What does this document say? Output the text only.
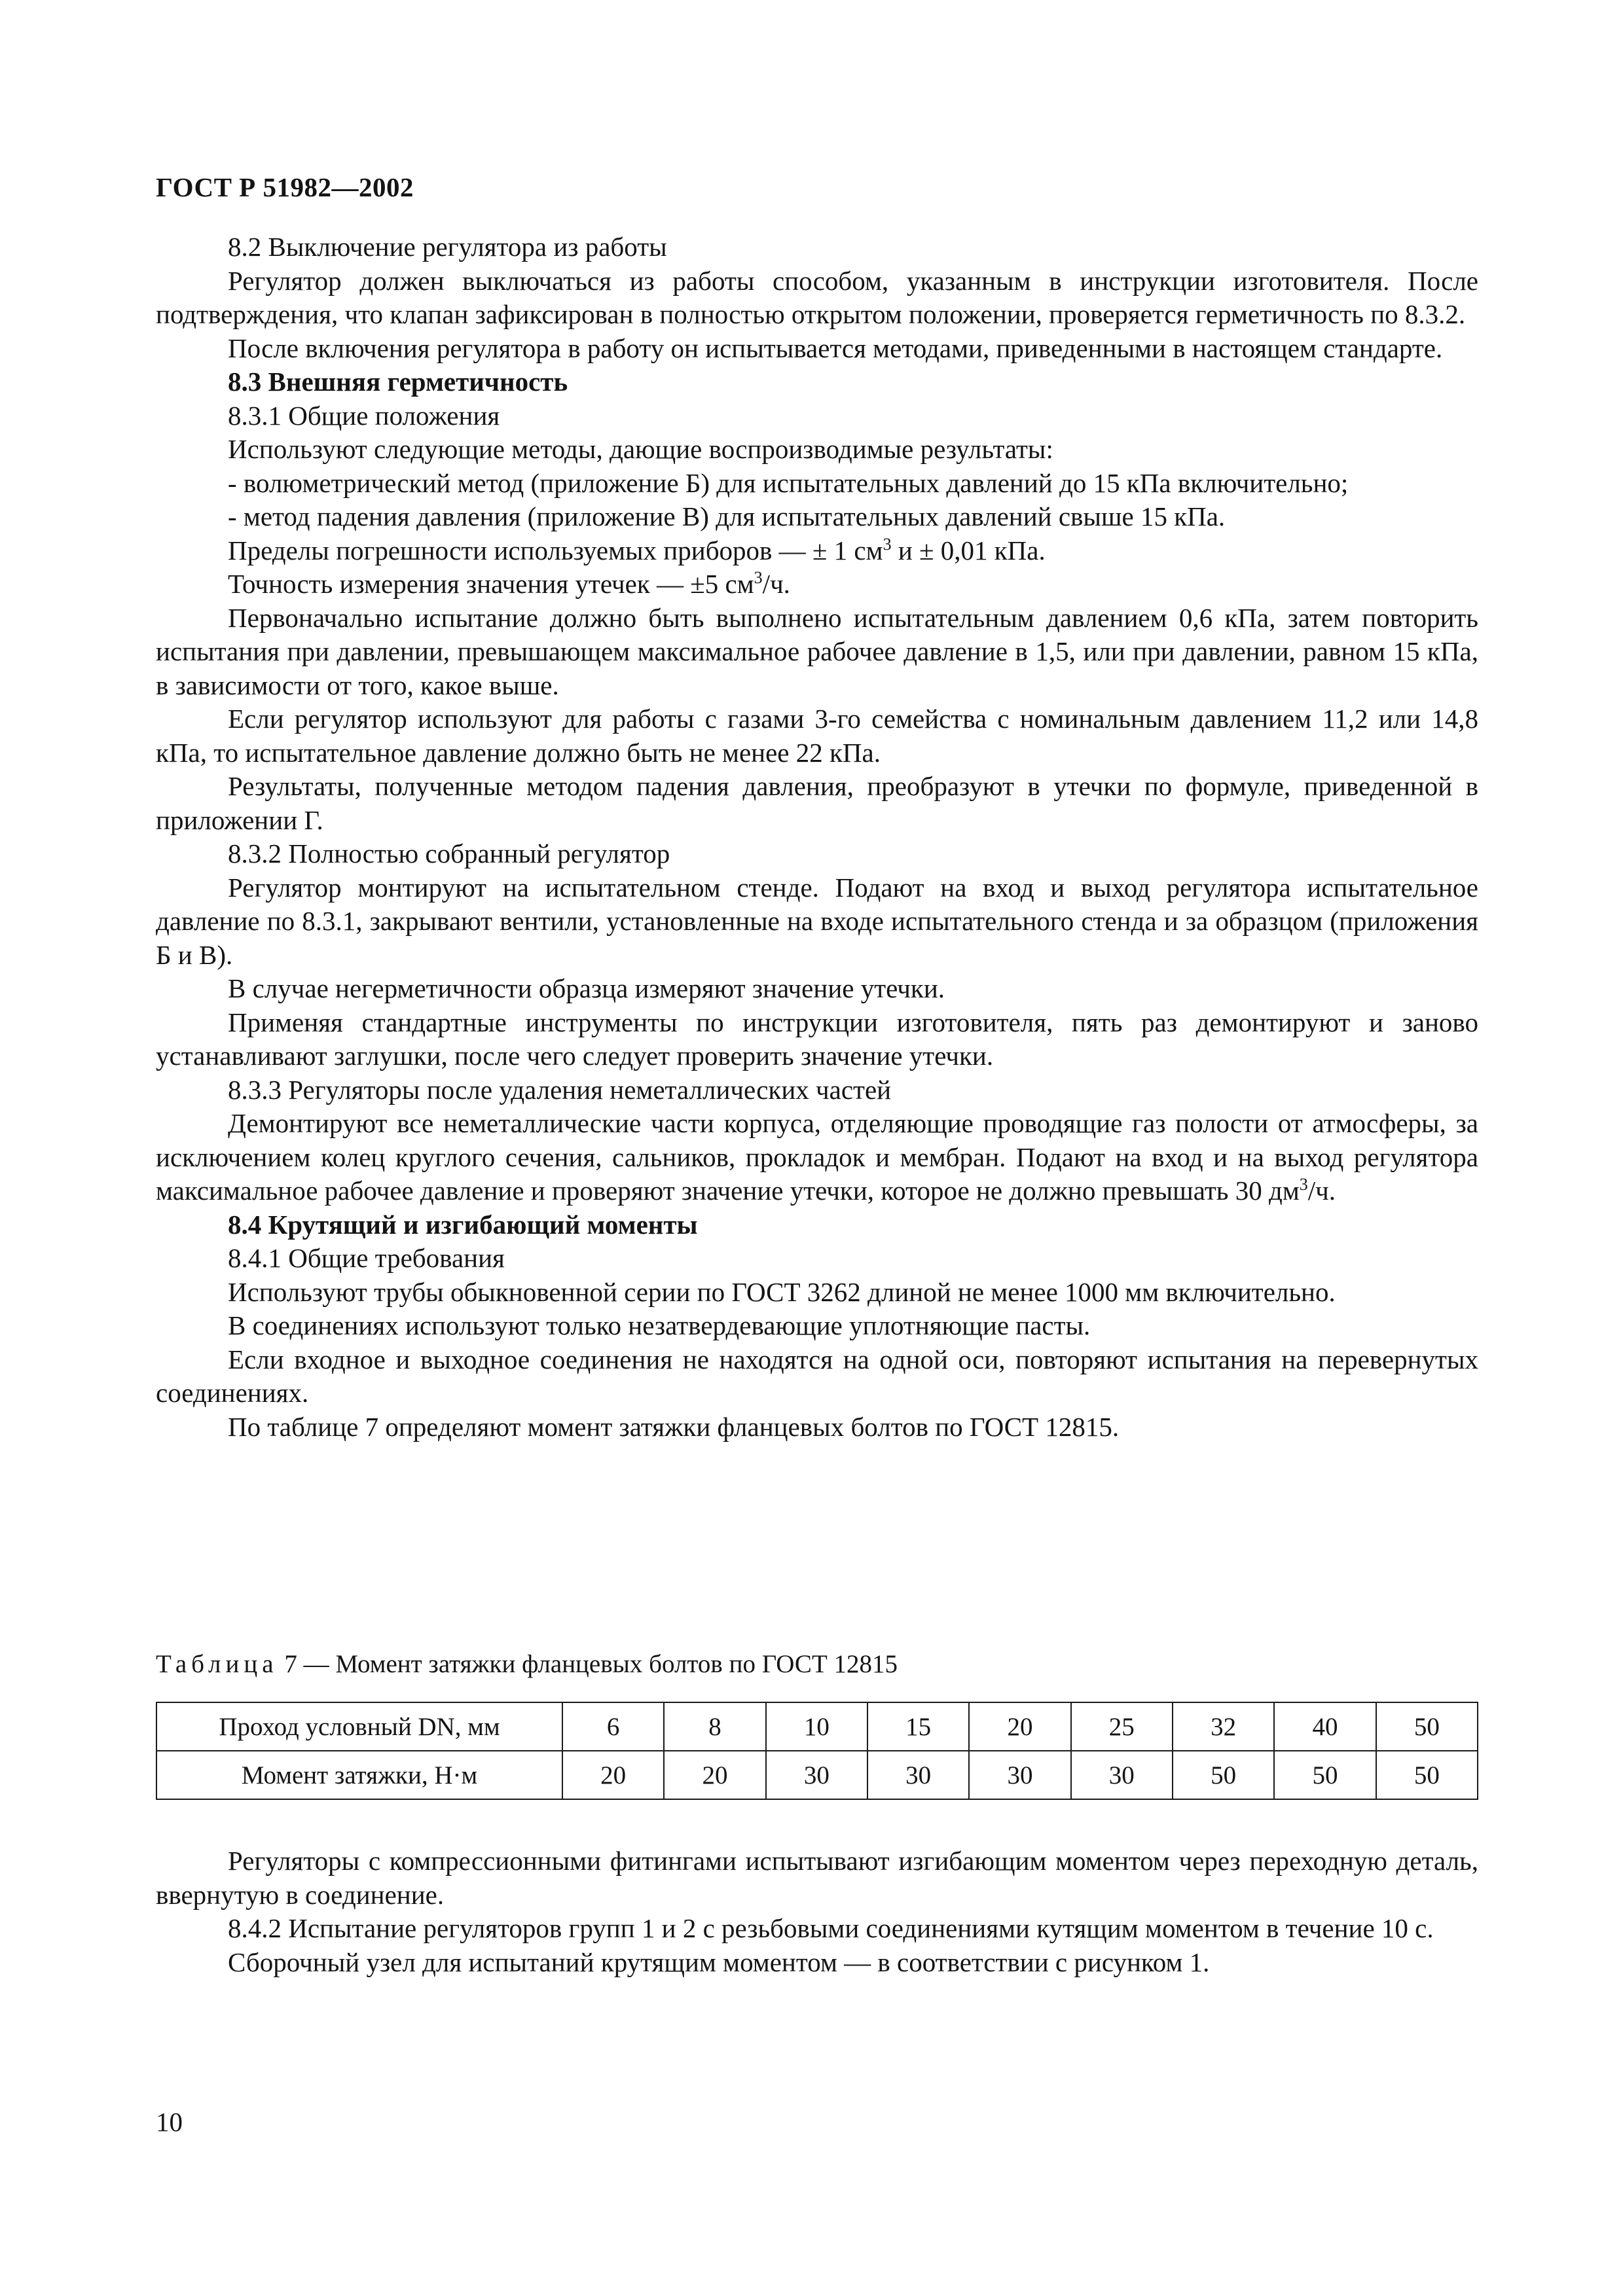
ГОСТ Р 51982—2002

8.2 Выключение регулятора из работы

Регулятор должен выключаться из работы способом, указанным в инструкции изготовителя. После подтверждения, что клапан зафиксирован в полностью открытом положении, проверяется герметичность по 8.3.2.

После включения регулятора в работу он испытывается методами, приведенными в настоящем стандарте.

8.3 Внешняя герметичность

8.3.1 Общие положения

Используют следующие методы, дающие воспроизводимые результаты:

- волюметрический метод (приложение Б) для испытательных давлений до 15 кПа включительно;

- метод падения давления (приложение В) для испытательных давлений свыше 15 кПа.

Пределы погрешности используемых приборов — ± 1 $см^3$ и ± 0,01 кПа.

Точность измерения значения утечек — ±5 $см^3/ч$.

Первоначально испытание должно быть выполнено испытательным давлением 0,6 кПа, затем повторить испытания при давлении, превышающем максимальное рабочее давление в 1,5, или при давлении, равном 15 кПа, в зависимости от того, какое выше.

Если регулятор используют для работы с газами 3-го семейства с номинальным давлением 11,2 или 14,8 кПа, то испытательное давление должно быть не менее 22 кПа.

Результаты, полученные методом падения давления, преобразуют в утечки по формуле, приведенной в приложении Г.

8.3.2 Полностью собранный регулятор

Регулятор монтируют на испытательном стенде. Подают на вход и выход регулятора испытательное давление по 8.3.1, закрывают вентили, установленные на входе испытательного стенда и за образцом (приложения Б и В).

В случае негерметичности образца измеряют значение утечки.

Применяя стандартные инструменты по инструкции изготовителя, пять раз демонтируют и заново устанавливают заглушки, после чего следует проверить значение утечки.

8.3.3 Регуляторы после удаления неметаллических частей

Демонтируют все неметаллические части корпуса, отделяющие проводящие газ полости от атмосферы, за исключением колец круглого сечения, сальников, прокладок и мембран. Подают на вход и на выход регулятора максимальное рабочее давление и проверяют значение утечки, которое не должно превышать 30 $дм^3/ч$.

8.4 Крутящий и изгибающий моменты

8.4.1 Общие требования

Используют трубы обыкновенной серии по ГОСТ 3262 длиной не менее 1000 мм включительно.

В соединениях используют только незатвердевающие уплотняющие пасты.

Если входное и выходное соединения не находятся на одной оси, повторяют испытания на перевернутых соединениях.

По таблице 7 определяют момент затяжки фланцевых болтов по ГОСТ 12815.

Таблица 7 — Момент затяжки фланцевых болтов по ГОСТ 12815
Проход условный DN, мм	6	8	10	15	20	25	32	40	50
Момент затяжки, Н·м	20	20	30	30	30	30	50	50	50

Регуляторы с компрессионными фитингами испытывают изгибающим моментом через переходную деталь, ввернутую в соединение.

8.4.2 Испытание регуляторов групп 1 и 2 с резьбовыми соединениями кутящим моментом в течение 10 с.

Сборочный узел для испытаний крутящим моментом — в соответствии с рисунком 1.

10
